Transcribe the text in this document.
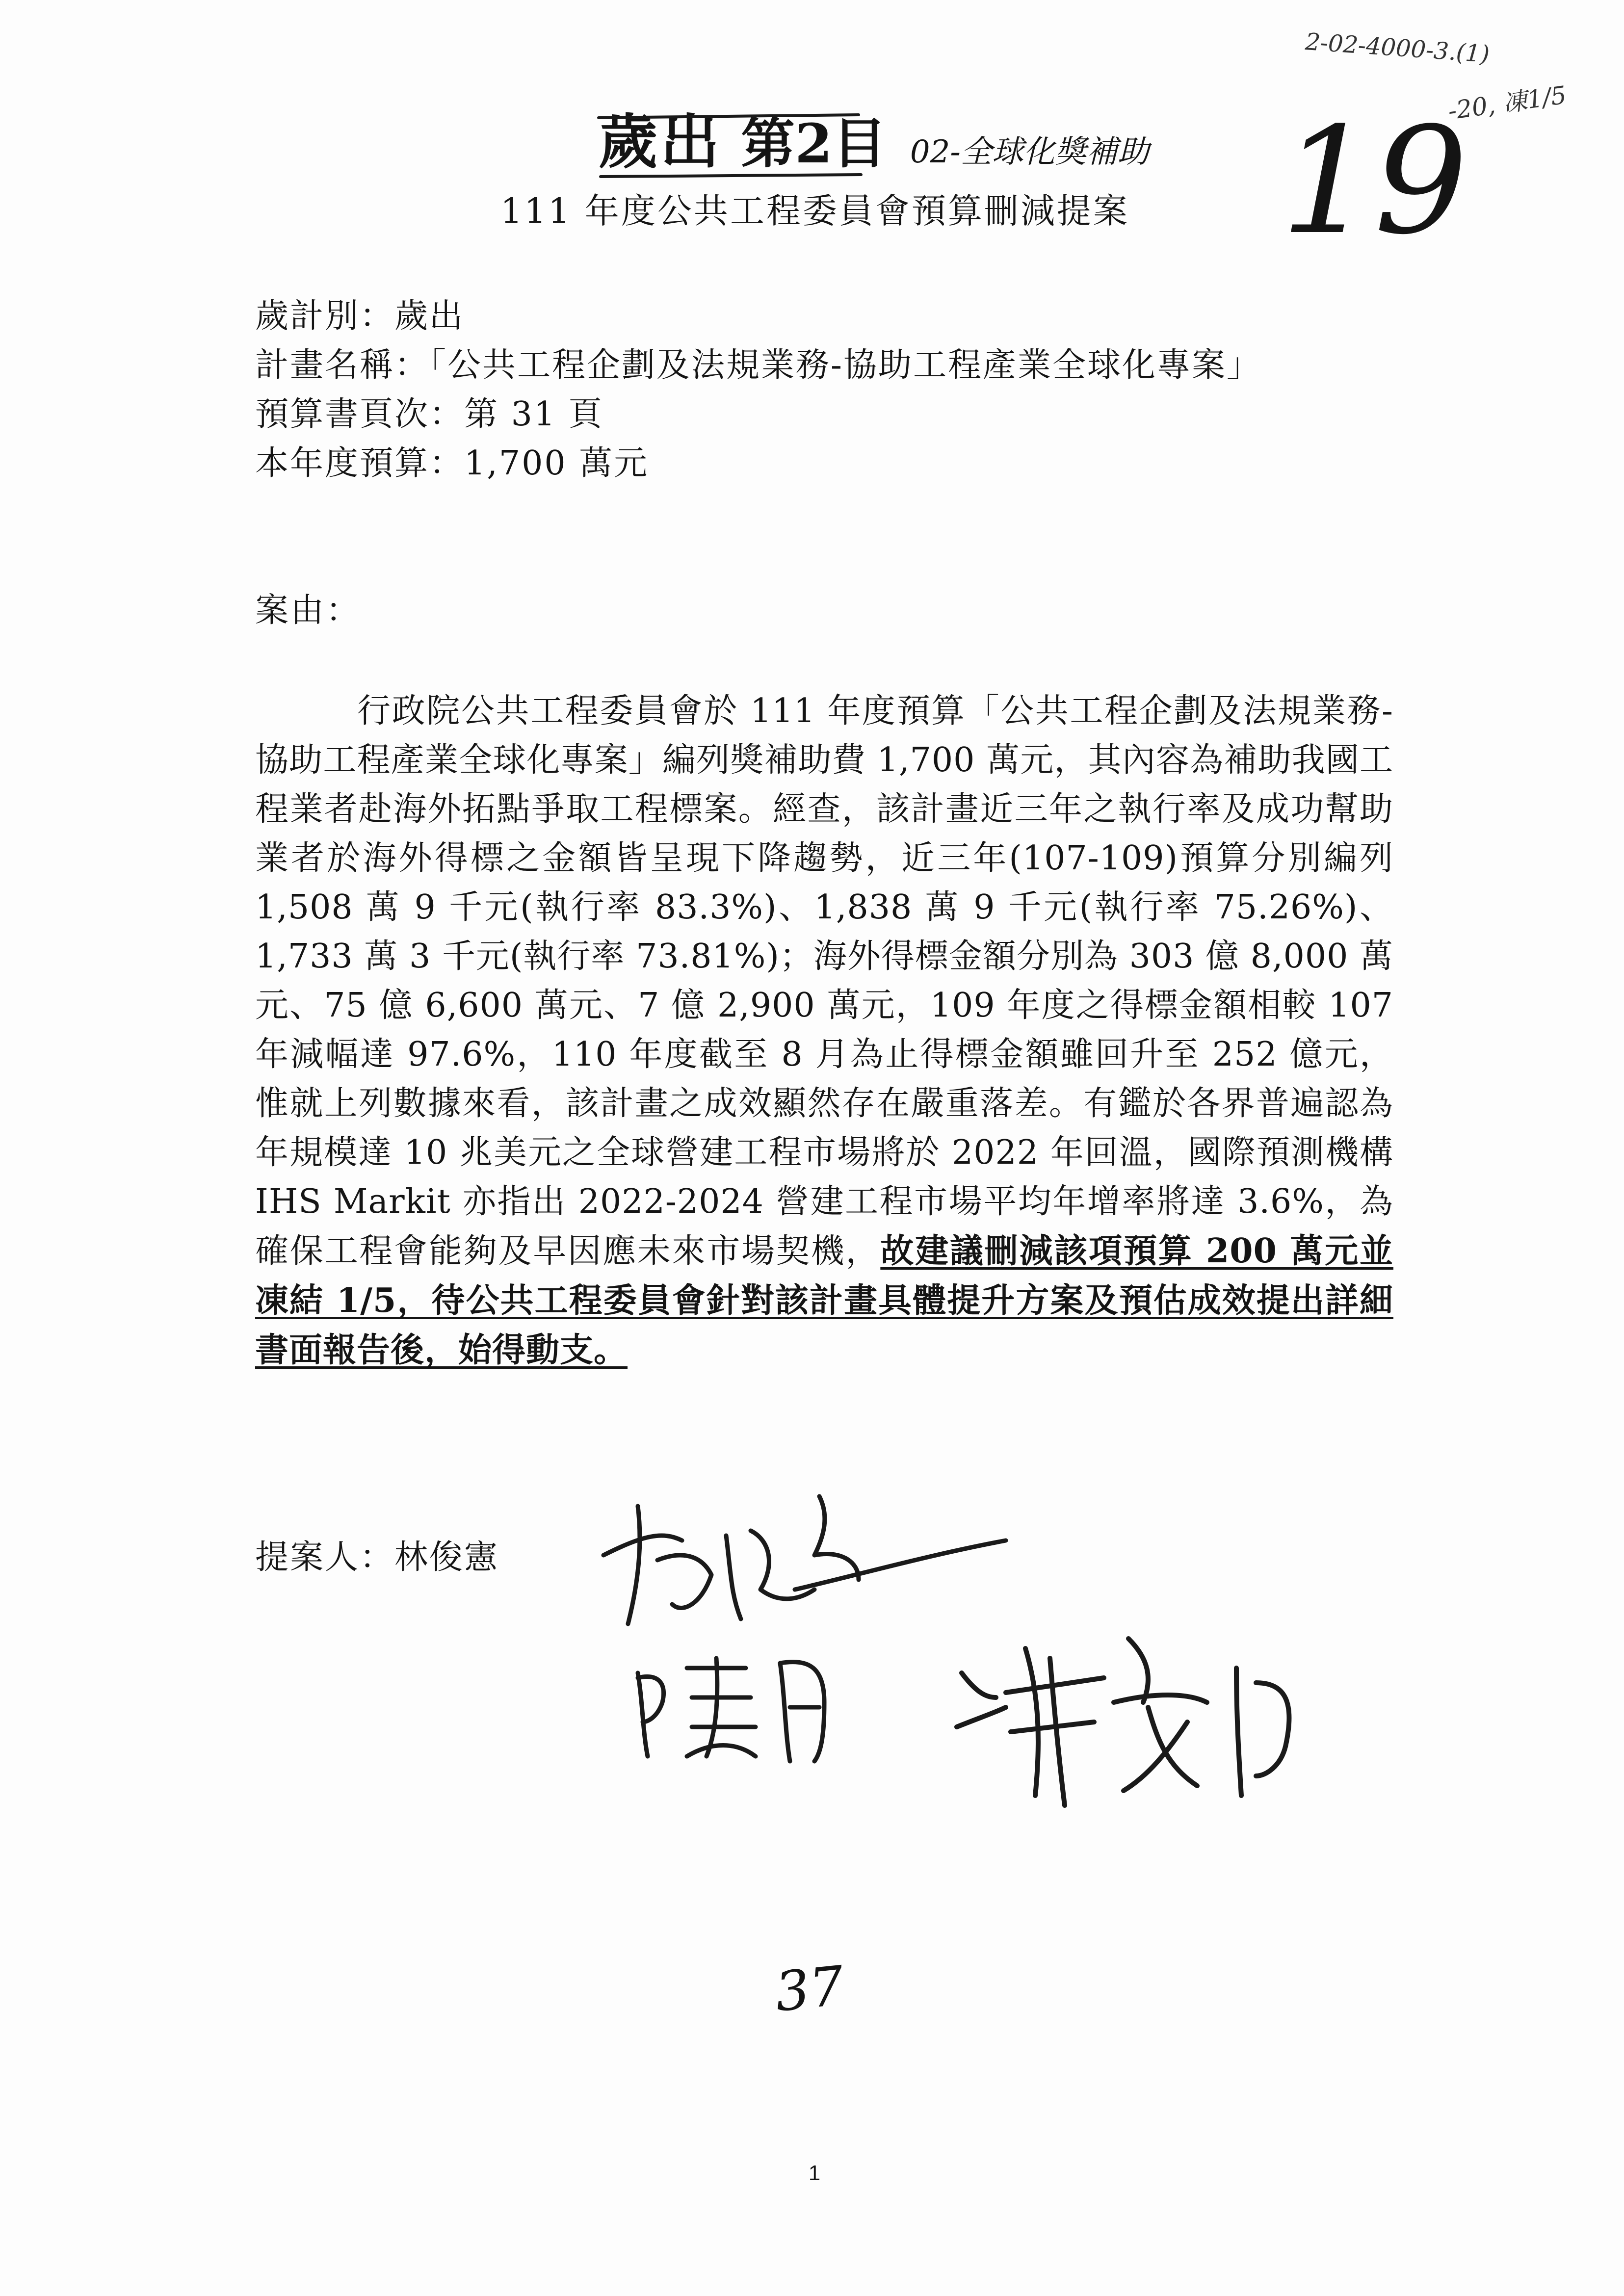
2-02-4000-3.(1)
-20, 凍1/5
19
歲出 第2目 02-全球化獎補助
111 年度公共工程委員會預算刪減提案
歲計別：歲出
計畫名稱：「公共工程企劃及法規業務-協助工程產業全球化專案」
預算書頁次：第 31 頁
本年度預算：1,700 萬元
案由：

行政院公共工程委員會於 111 年度預算「公共工程企劃及法規業務-協助工程產業全球化專案」編列獎補助費 1,700 萬元，其內容為補助我國工程業者赴海外拓點爭取工程標案。經查，該計畫近三年之執行率及成功幫助業者於海外得標之金額皆呈現下降趨勢，近三年(107-109)預算分別編列 1,508 萬 9 千元(執行率 83.3%)、1,838 萬 9 千元(執行率 75.26%)、1,733 萬 3 千元(執行率 73.81%)；海外得標金額分別為 303 億 8,000 萬元、75 億 6,600 萬元、7 億 2,900 萬元，109 年度之得標金額相較 107 年減幅達 97.6%，110 年度截至 8 月為止得標金額雖回升至 252 億元，惟就上列數據來看，該計畫之成效顯然存在嚴重落差。有鑑於各界普遍認為年規模達 10 兆美元之全球營建工程市場將於 2022 年回溫，國際預測機構 IHS Markit 亦指出 2022-2024 營建工程市場平均年增率將達 3.6%，為確保工程會能夠及早因應未來市場契機，故建議刪減該項預算 200 萬元並凍結 1/5，待公共工程委員會針對該計畫具體提升方案及預估成效提出詳細書面報告後，始得動支。

提案人：林俊憲
37
1
